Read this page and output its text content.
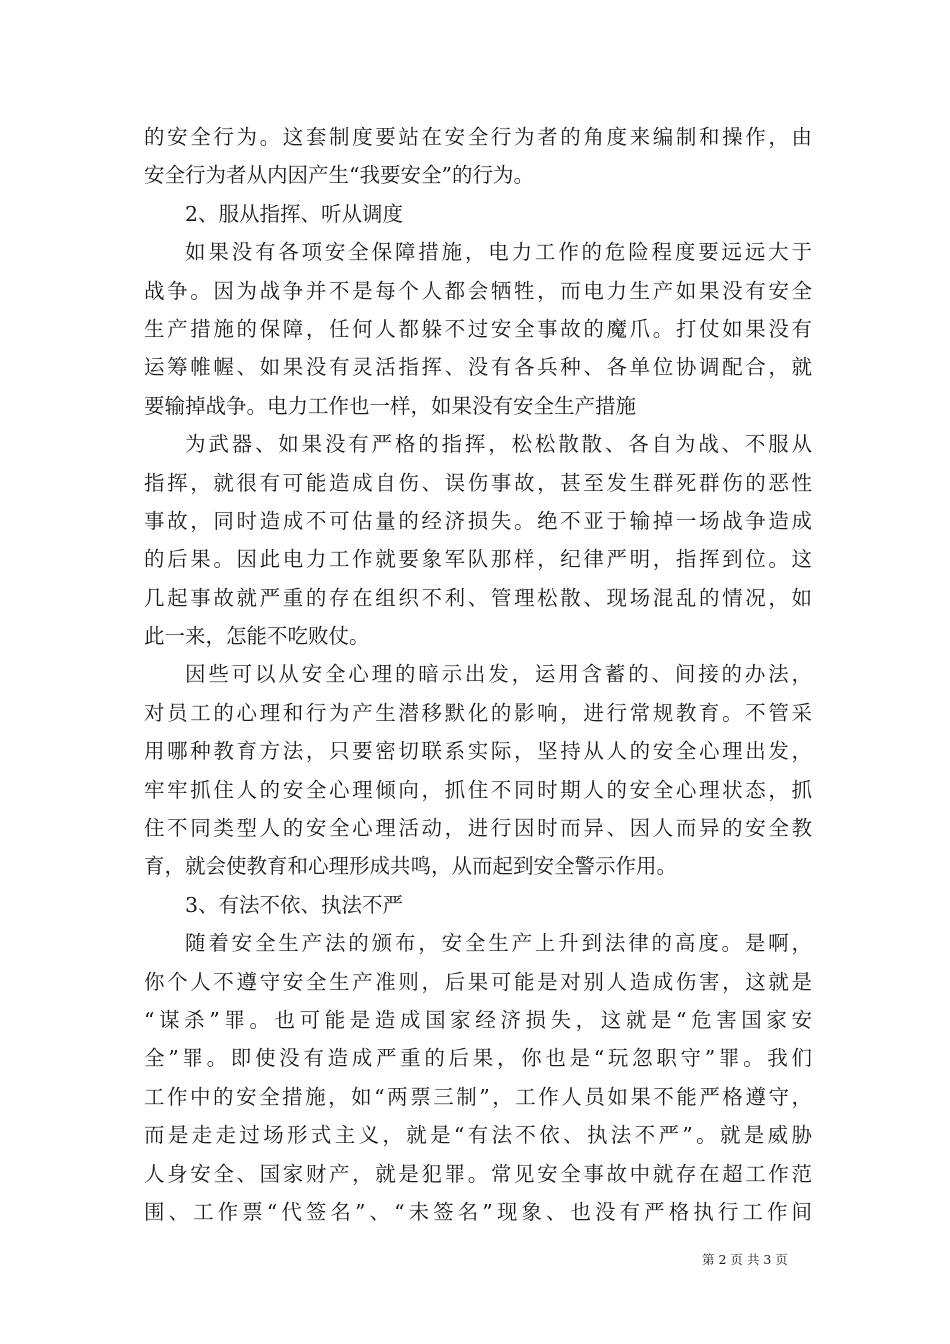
的安全行为。这套制度要站在安全行为者的角度来编制和操作，由
安全行为者从内因产生“我要安全”的行为。
2、服从指挥、听从调度
如果没有各项安全保障措施，电力工作的危险程度要远远大于
战争。因为战争并不是每个人都会牺牲，而电力生产如果没有安全
生产措施的保障，任何人都躲不过安全事故的魔爪。打仗如果没有
运筹帷幄、如果没有灵活指挥、没有各兵种、各单位协调配合，就
要输掉战争。电力工作也一样，如果没有安全生产措施
为武器、如果没有严格的指挥，松松散散、各自为战、不服从
指挥，就很有可能造成自伤、误伤事故，甚至发生群死群伤的恶性
事故，同时造成不可估量的经济损失。绝不亚于输掉一场战争造成
的后果。因此电力工作就要象军队那样，纪律严明，指挥到位。这
几起事故就严重的存在组织不利、管理松散、现场混乱的情况，如
此一来，怎能不吃败仗。
因些可以从安全心理的暗示出发，运用含蓄的、间接的办法，
对员工的心理和行为产生潜移默化的影响，进行常规教育。不管采
用哪种教育方法，只要密切联系实际，坚持从人的安全心理出发，
牢牢抓住人的安全心理倾向，抓住不同时期人的安全心理状态，抓
住不同类型人的安全心理活动，进行因时而异、因人而异的安全教
育，就会使教育和心理形成共鸣，从而起到安全警示作用。
3、有法不依、执法不严
随着安全生产法的颁布，安全生产上升到法律的高度。是啊，
你个人不遵守安全生产准则，后果可能是对别人造成伤害，这就是
“谋杀”罪。也可能是造成国家经济损失，这就是“危害国家安
全”罪。即使没有造成严重的后果，你也是“玩忽职守”罪。我们
工作中的安全措施，如“两票三制”，工作人员如果不能严格遵守，
而是走走过场形式主义，就是“有法不依、执法不严”。就是威胁
人身安全、国家财产，就是犯罪。常见安全事故中就存在超工作范
围、工作票“代签名”、“未签名”现象、也没有严格执行工作间
第 2 页 共 3 页
